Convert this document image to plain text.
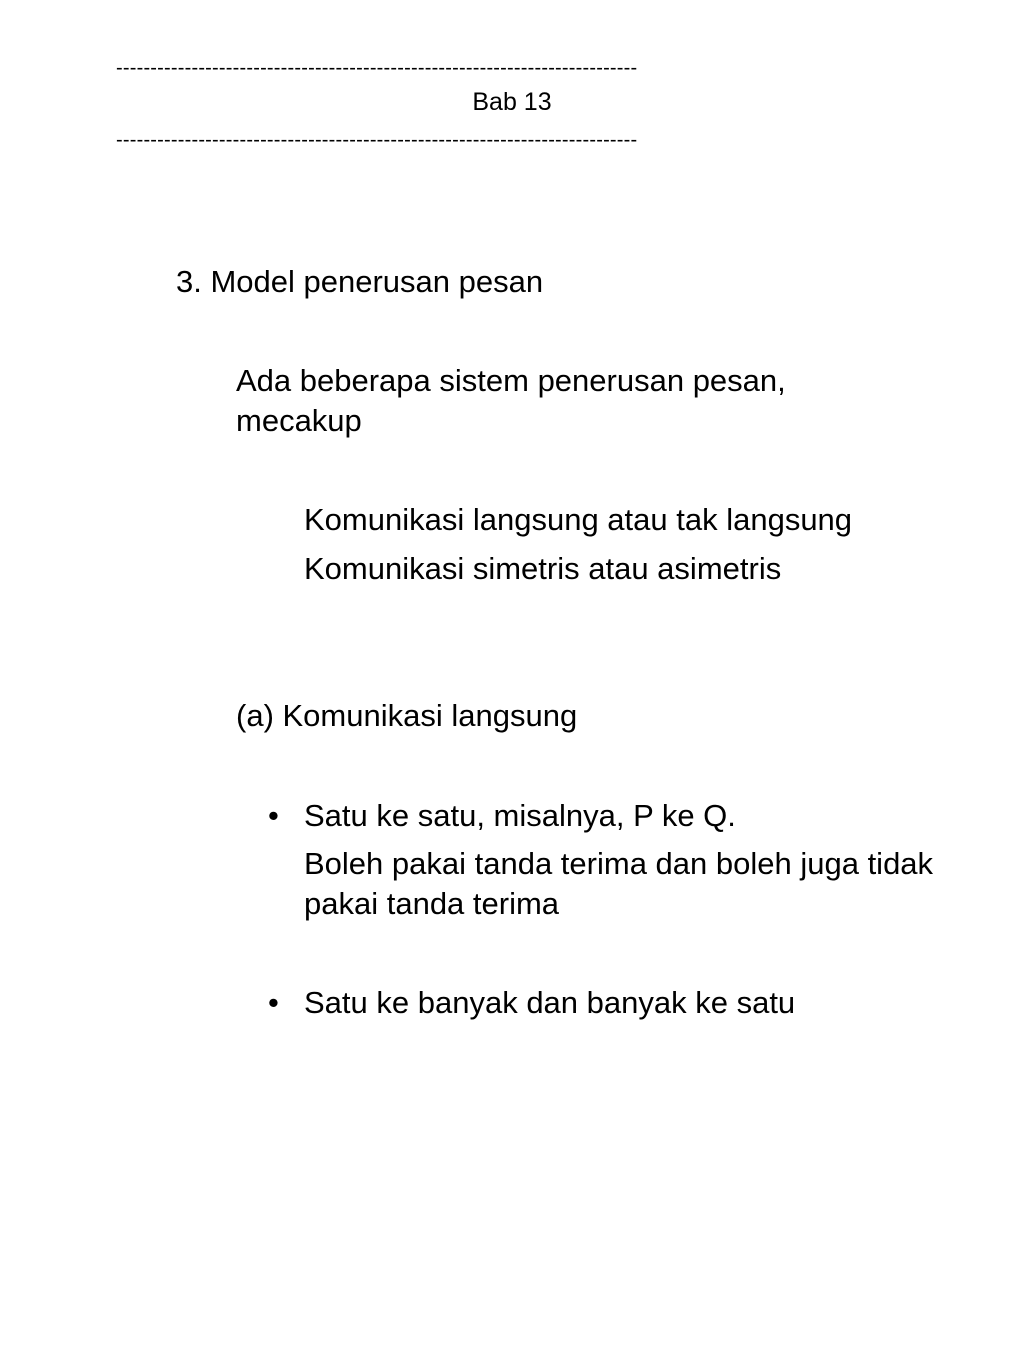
----------------------------------------------------------------------------
Bab 13
----------------------------------------------------------------------------
3. Model penerusan pesan
Ada beberapa sistem penerusan pesan, mecakup
Komunikasi langsung atau tak langsung
Komunikasi simetris atau asimetris
(a) Komunikasi langsung
• Satu ke satu, misalnya, P ke Q.
Boleh pakai tanda terima dan boleh juga tidak pakai tanda terima
• Satu ke banyak dan banyak ke satu
